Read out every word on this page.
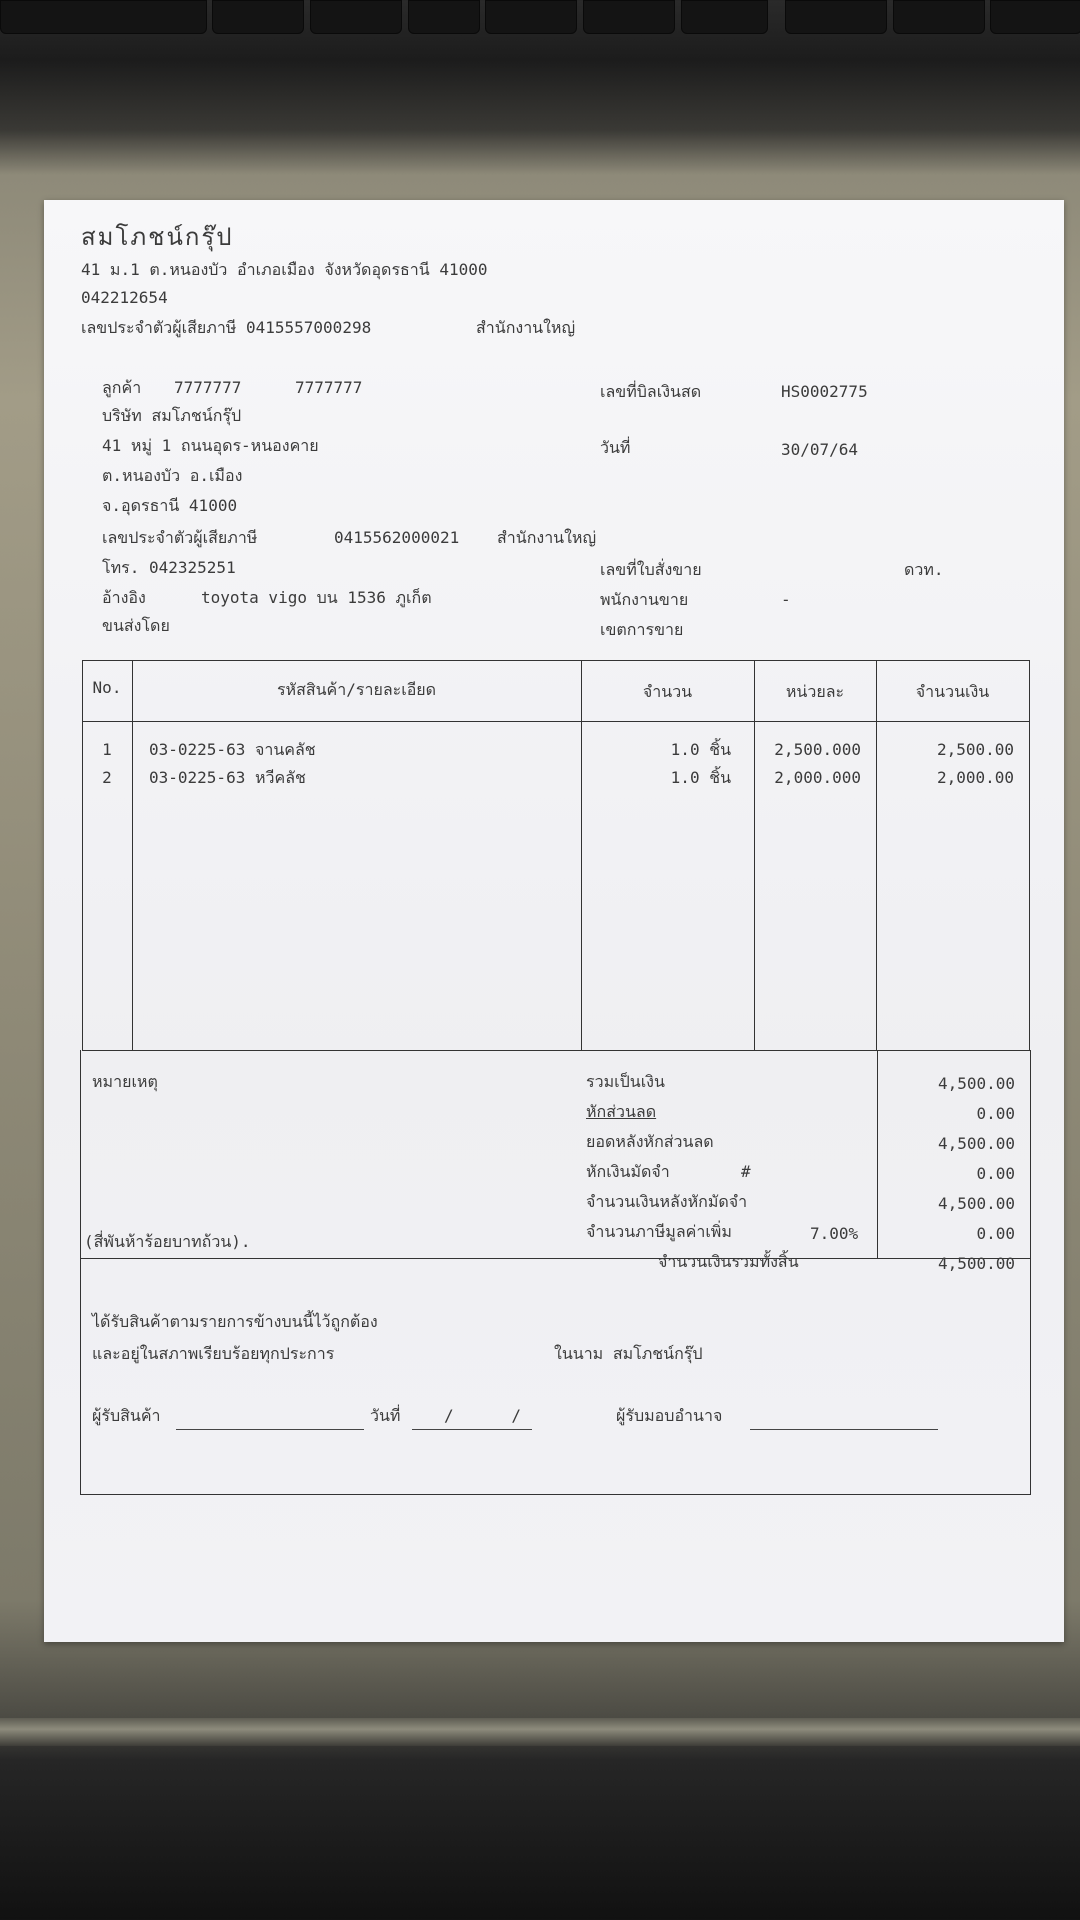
สมโภชน์กรุ๊ป
41 ม.1 ต.หนองบัว อำเภอเมือง จังหวัดอุดรธานี 41000
042212654
เลขประจำตัวผู้เสียภาษี 0415557000298	สำนักงานใหญ่
ลูกค้า 7777777	7777777
บริษัท สมโภชน์กรุ๊ป
41 หมู่ 1 ถนนอุดร-หนองคาย
ต.หนองบัว อ.เมือง
จ.อุดรธานี 41000
เลขประจำตัวผู้เสียภาษี	0415562000021 สำนักงานใหญ่
โทร. 042325251
อ้างอิง	toyota vigo บน 1536 ภูเก็ต
ขนส่งโดย
เลขที่บิลเงินสด	HS0002775
วันที่	30/07/64
เลขที่ใบสั่งขาย	ดวท.
พนักงานขาย	-
เขตการขาย
No.	รหัสสินค้า/รายละเอียด	จำนวน	หน่วยละ	จำนวนเงิน
1	03-0225-63 จานคลัช	1.0 ชิ้น	2,500.000	2,500.00
2	03-0225-63 หวีคลัช	1.0 ชิ้น	2,000.000	2,000.00
หมายเหตุ
(สี่พันห้าร้อยบาทถ้วน).
รวมเป็นเงิน	4,500.00
หักส่วนลด	0.00
ยอดหลังหักส่วนลด	4,500.00
หักเงินมัดจำ	#	0.00
จำนวนเงินหลังหักมัดจำ	4,500.00
จำนวนภาษีมูลค่าเพิ่ม	7.00%	0.00
จำนวนเงินรวมทั้งสิ้น	4,500.00
ได้รับสินค้าตามรายการข้างบนนี้ไว้ถูกต้อง
และอยู่ในสภาพเรียบร้อยทุกประการ	ในนาม สมโภชน์กรุ๊ป
ผู้รับสินค้า	วันที่	/      /	ผู้รับมอบอำนาจ
